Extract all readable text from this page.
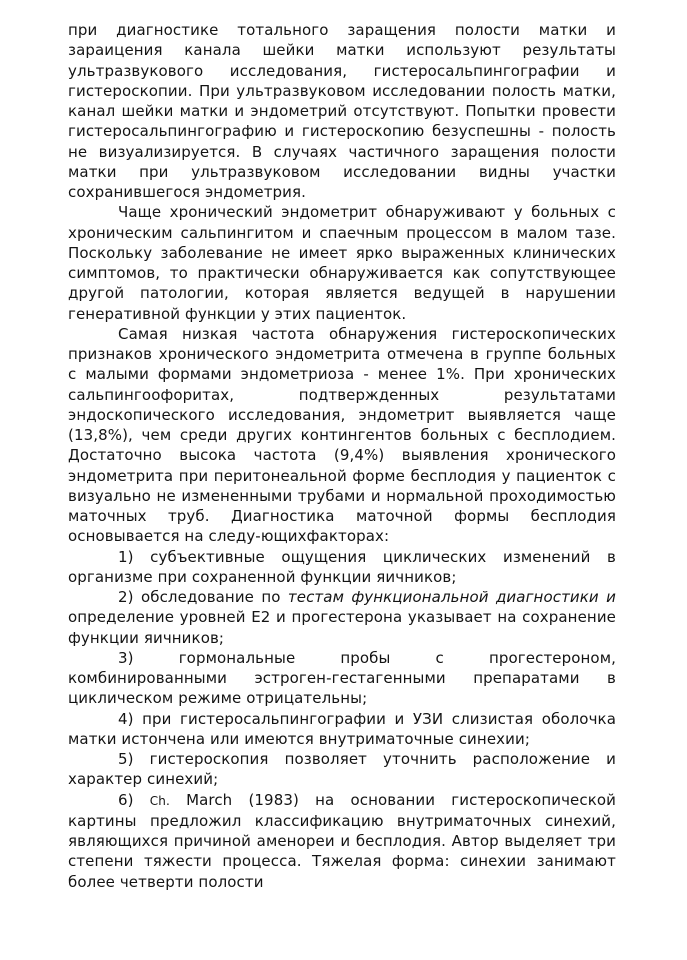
при диагностике тотального заращения полости матки и зараицения канала шейки матки используют результаты ультразвукового исследования, гистеросальпингографии и гистероскопии. При ультразвуковом исследовании полость матки, канал шейки матки и эндометрий отсутствуют. Попытки провести гистеросальпингографию и гистероскопию безуспешны - полость не визуализируется. В случаях частичного заращения полости матки при ультразвуковом исследовании видны участки сохранившегося эндометрия.

Чаще хронический эндометрит обнаруживают у больных с хроническим сальпингитом и спаечным процессом в малом тазе. Поскольку заболевание не имеет ярко выраженных клинических симптомов, то практически обнаруживается как сопутствующее другой патологии, которая является ведущей в нарушении генеративной функции у этих пациенток.

Самая низкая частота обнаружения гистероскопических признаков хронического эндометрита отмечена в группе больных с малыми формами эндометриоза - менее 1%. При хронических сальпингоофоритах, подтвержденных результатами эндоскопического исследования, эндометрит выявляется чаще (13,8%), чем среди других контингентов больных с бесплодием. Достаточно высока частота (9,4%) выявления хронического эндометрита при перитонеальной форме бесплодия у пациенток с визуально не измененными трубами и нормальной проходимостью маточных труб. Диагностика маточной формы бесплодия основывается на следу-ющихфакторах:

1) субъективные ощущения циклических изменений в организме при сохраненной функции яичников;

2) обследование по тестам функциональной диагностики и определение уровней Е2 и прогестерона указывает на сохранение функции яичников;

3) гормональные пробы с прогестероном, комбинированными эстроген-гестагенными препаратами в циклическом режиме отрицательны;

4) при гистеросальпингографии и УЗИ слизистая оболочка матки истончена или имеются внутриматочные синехии;

5) гистероскопия позволяет уточнить расположение и характер синехий;

6) Ch. March (1983) на основании гистероскопической картины предложил классификацию внутриматочных синехий, являющихся причиной аменореи и бесплодия. Автор выделяет три степени тяжести процесса. Тяжелая форма: синехии занимают более четверти полости
